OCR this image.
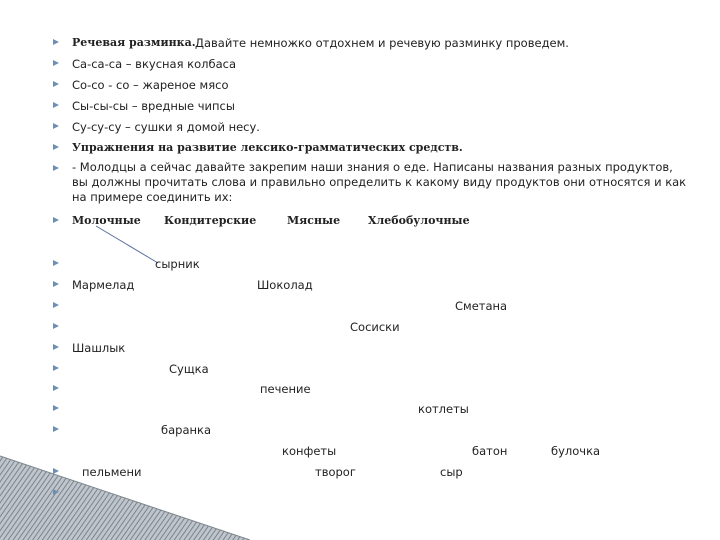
Речевая разминка. Давайте немножко отдохнем и речевую разминку проведем.
Са-са-са – вкусная колбаса
Со-со - со – жареное мясо
Сы-сы-сы – вредные чипсы
Су-су-су – сушки я домой несу.
Упражнения на развитие лексико-грамматических средств.
- Молодцы а сейчас давайте закрепим наши знания о еде. Написаны названия разных продуктов, вы должны прочитать слова и правильно определить к какому виду продуктов они относятся и как на примере соединить их:
Молочные Кондитерские	Мясные	Хлебобулочные
сырник
Мармелад	Шоколад
Сметана
Сосиски
Шашлык
Сущка
печение
котлеты
баранка
конфеты	батон	булочка
пельмени	творог	сыр
